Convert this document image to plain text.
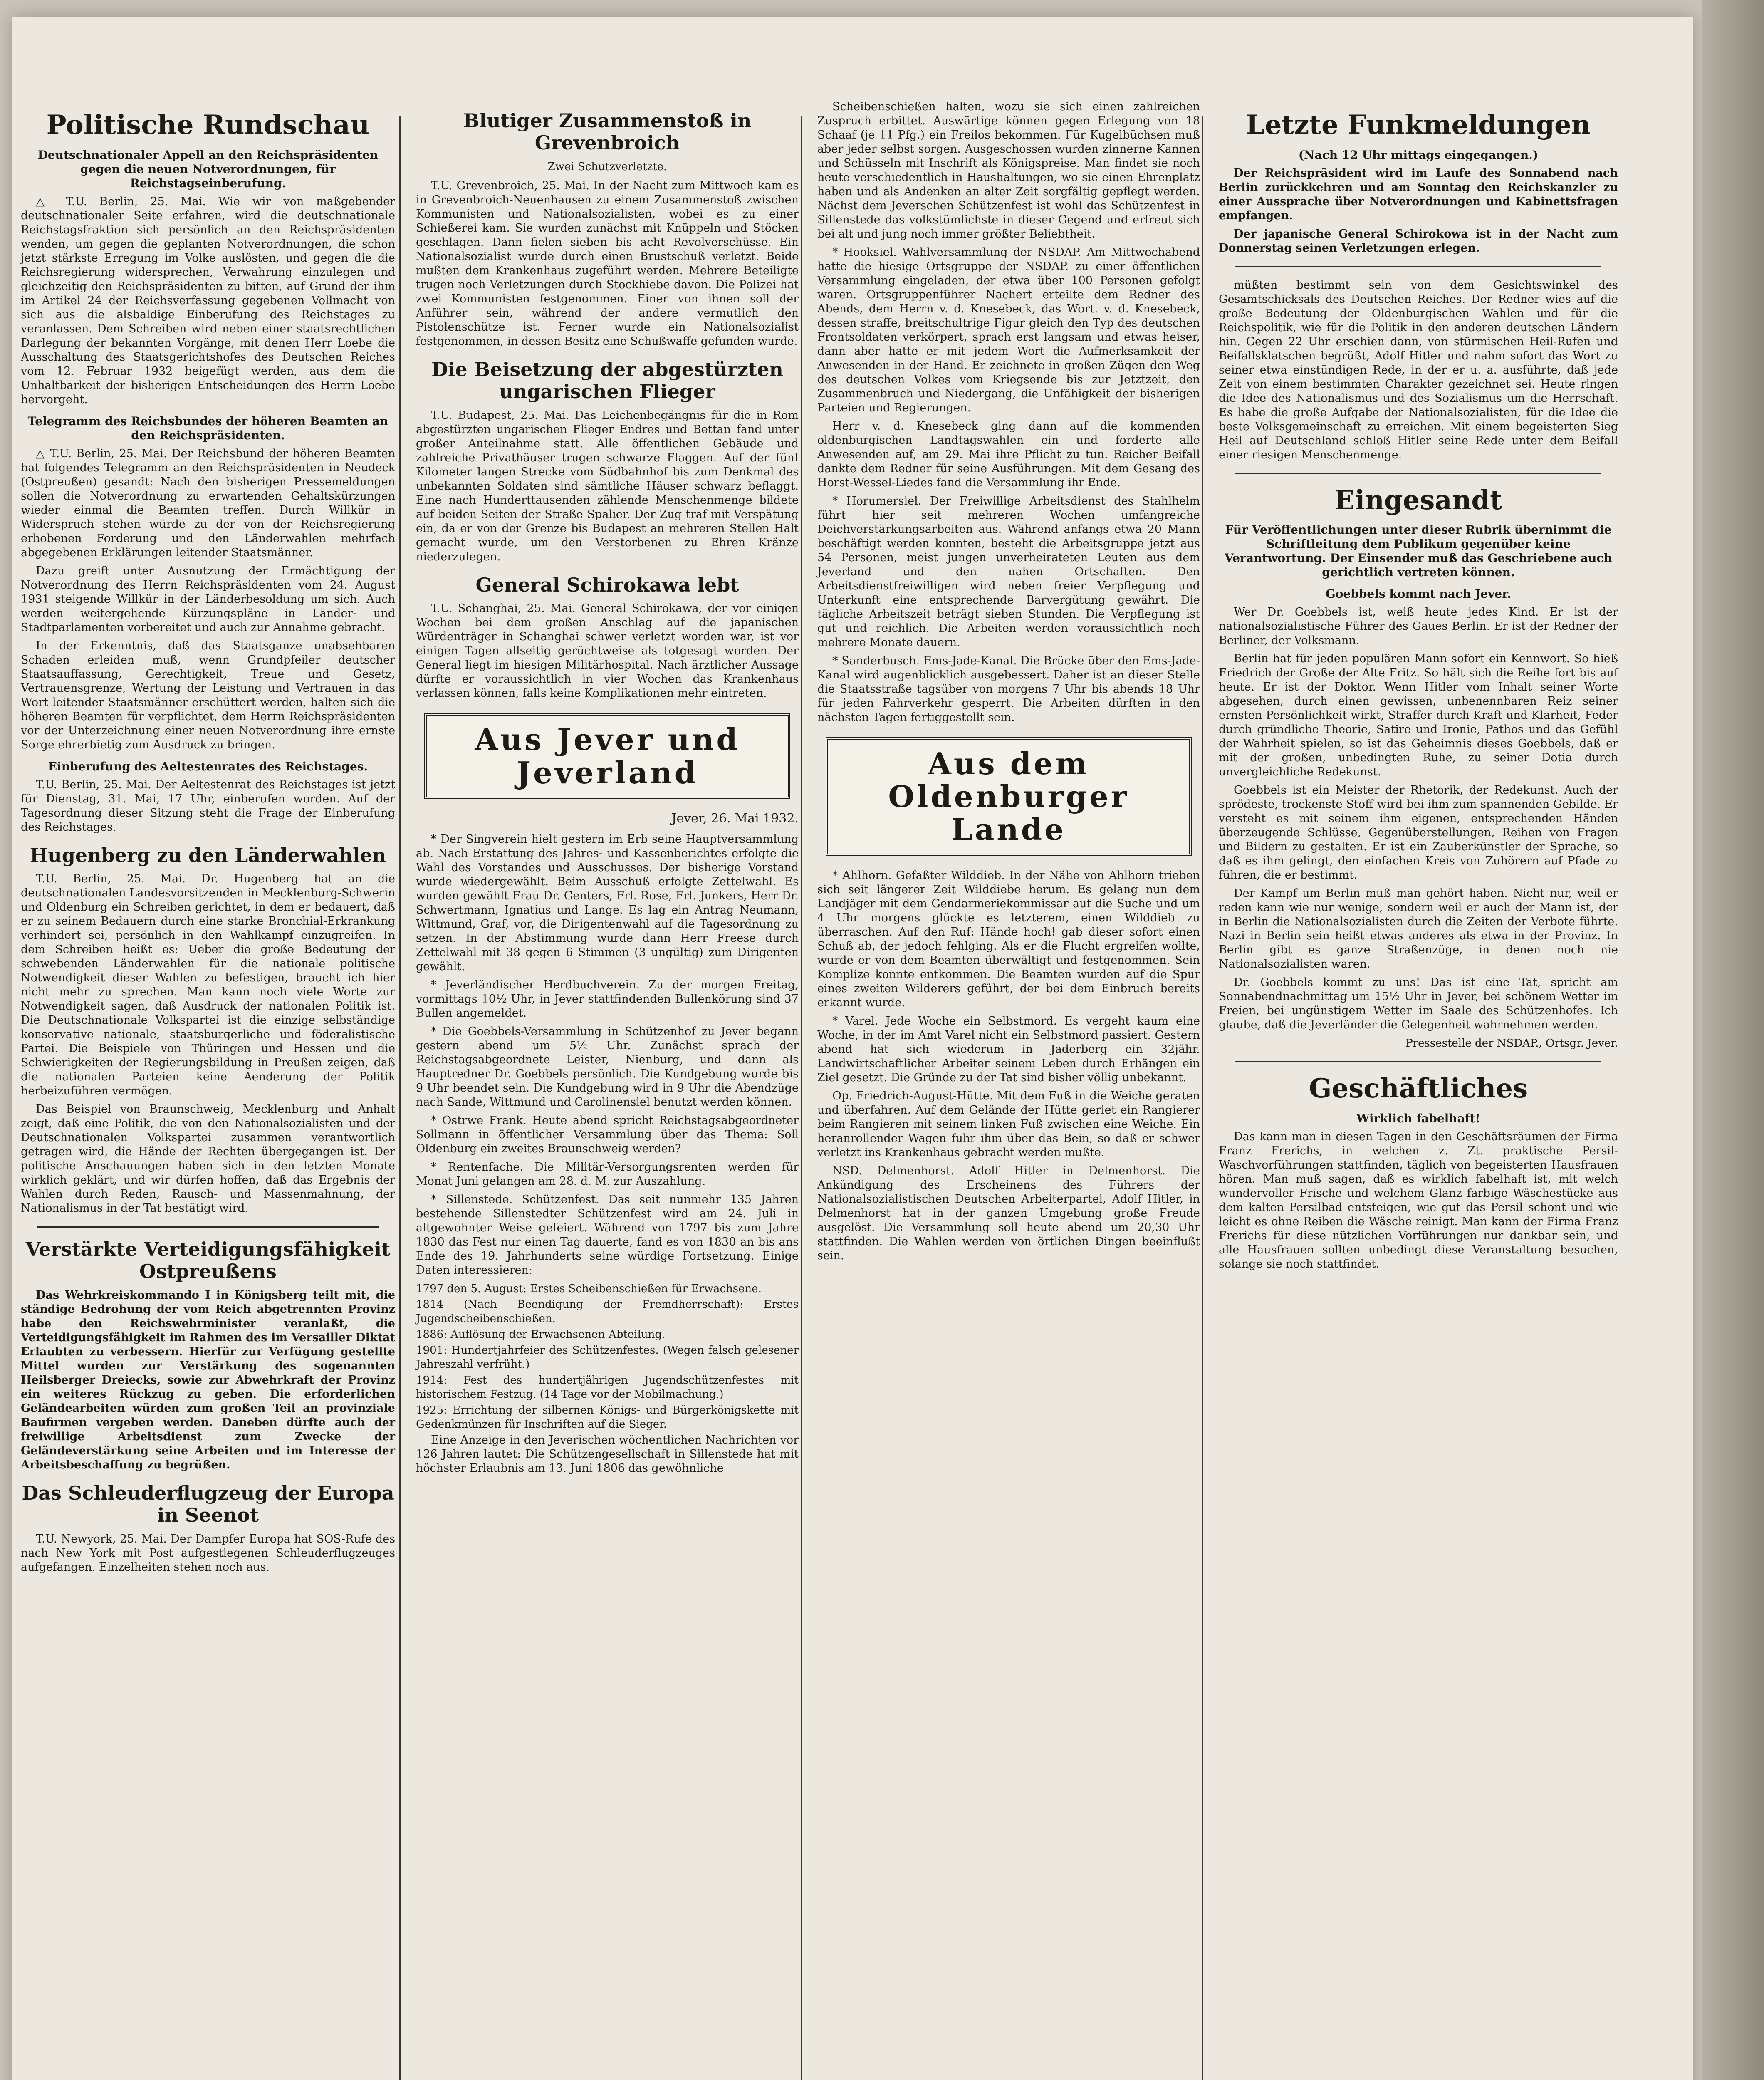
Politische Rundschau
Deutschnationaler Appell an den Reichspräsidenten gegen die neuen Notverordnungen, für Reichstagseinberufung.

△ T.U. Berlin, 25. Mai. Wie wir von maßgebender deutschnationaler Seite erfahren, wird die deutschnationale Reichstagsfraktion sich persönlich an den Reichspräsidenten wenden, um gegen die geplanten Notverordnungen, die schon jetzt stärkste Erregung im Volke auslösten, und gegen die die Reichsregierung widersprechen, Verwahrung einzulegen und gleichzeitig den Reichspräsidenten zu bitten, auf Grund der ihm im Artikel 24 der Reichsverfassung gegebenen Vollmacht von sich aus die alsbaldige Einberufung des Reichstages zu veranlassen. Dem Schreiben wird neben einer staatsrechtlichen Darlegung der bekannten Vorgänge, mit denen Herr Loebe die Ausschaltung des Staatsgerichtshofes des Deutschen Reiches vom 12. Februar 1932 beigefügt werden, aus dem die Unhaltbarkeit der bisherigen Entscheidungen des Herrn Loebe hervorgeht.

Telegramm des Reichsbundes der höheren Beamten an den Reichspräsidenten.

△ T.U. Berlin, 25. Mai. Der Reichsbund der höheren Beamten hat folgendes Telegramm an den Reichspräsidenten in Neudeck (Ostpreußen) gesandt: Nach den bisherigen Pressemeldungen sollen die Notverordnung zu erwartenden Gehaltskürzungen wieder einmal die Beamten treffen. Durch Willkür in Widerspruch stehen würde zu der von der Reichsregierung erhobenen Forderung und den Länderwahlen mehrfach abgegebenen Erklärungen leitender Staatsmänner.

Dazu greift unter Ausnutzung der Ermächtigung der Notverordnung des Herrn Reichspräsidenten vom 24. August 1931 steigende Willkür in der Länderbesoldung um sich. Auch werden weitergehende Kürzungspläne in Länder- und Stadtparlamenten vorbereitet und auch zur Annahme gebracht.

In der Erkenntnis, daß das Staatsganze unabsehbaren Schaden erleiden muß, wenn Grundpfeiler deutscher Staatsauffassung, Gerechtigkeit, Treue und Gesetz, Vertrauensgrenze, Wertung der Leistung und Vertrauen in das Wort leitender Staatsmänner erschüttert werden, halten sich die höheren Beamten für verpflichtet, dem Herrn Reichspräsidenten vor der Unterzeichnung einer neuen Notverordnung ihre ernste Sorge ehrerbietig zum Ausdruck zu bringen.

Einberufung des Aeltestenrates des Reichstages.

T.U. Berlin, 25. Mai. Der Aeltestenrat des Reichstages ist jetzt für Dienstag, 31. Mai, 17 Uhr, einberufen worden. Auf der Tagesordnung dieser Sitzung steht die Frage der Einberufung des Reichstages.

Hugenberg zu den Länderwahlen

T.U. Berlin, 25. Mai. Dr. Hugenberg hat an die deutschnationalen Landesvorsitzenden in Mecklenburg-Schwerin und Oldenburg ein Schreiben gerichtet, in dem er bedauert, daß er zu seinem Bedauern durch eine starke Bronchial-Erkrankung verhindert sei, persönlich in den Wahlkampf einzugreifen. In dem Schreiben heißt es: Ueber die große Bedeutung der schwebenden Länderwahlen für die nationale politische Notwendigkeit dieser Wahlen zu befestigen, braucht ich hier nicht mehr zu sprechen. Man kann noch viele Worte zur Notwendigkeit sagen, daß Ausdruck der nationalen Politik ist. Die Deutschnationale Volkspartei ist die einzige selbständige konservative nationale, staatsbürgerliche und föderalistische Partei. Die Beispiele von Thüringen und Hessen und die Schwierigkeiten der Regierungsbildung in Preußen zeigen, daß die nationalen Parteien keine Aenderung der Politik herbeizuführen vermögen.

Das Beispiel von Braunschweig, Mecklenburg und Anhalt zeigt, daß eine Politik, die von den Nationalsozialisten und der Deutschnationalen Volkspartei zusammen verantwortlich getragen wird, die Hände der Rechten übergegangen ist. Der politische Anschauungen haben sich in den letzten Monate wirklich geklärt, und wir dürfen hoffen, daß das Ergebnis der Wahlen durch Reden, Rausch- und Massenmahnung, der Nationalismus in der Tat bestätigt wird.

Verstärkte Verteidigungsfähigkeit Ostpreußens

Das Wehrkreiskommando I in Königsberg teilt mit, die ständige Bedrohung der vom Reich abgetrennten Provinz habe den Reichswehrminister veranlaßt, die Verteidigungsfähigkeit im Rahmen des im Versailler Diktat Erlaubten zu verbessern. Hierfür zur Verfügung gestellte Mittel wurden zur Verstärkung des sogenannten Heilsberger Dreiecks, sowie zur Abwehrkraft der Provinz ein weiteres Rückzug zu geben. Die erforderlichen Geländearbeiten würden zum großen Teil an provinziale Baufirmen vergeben werden. Daneben dürfte auch der freiwillige Arbeitsdienst zum Zwecke der Geländeverstärkung seine Arbeiten und im Interesse der Arbeitsbeschaffung zu begrüßen.

Das Schleuderflugzeug der Europa in Seenot

T.U. Newyork, 25. Mai. Der Dampfer Europa hat SOS-Rufe des nach New York mit Post aufgestiegenen Schleuderflugzeuges aufgefangen. Einzelheiten stehen noch aus.

Blutiger Zusammenstoß in Grevenbroich
Zwei Schutzverletzte.

T.U. Grevenbroich, 25. Mai. In der Nacht zum Mittwoch kam es in Grevenbroich-Neuenhausen zu einem Zusammenstoß zwischen Kommunisten und Nationalsozialisten, wobei es zu einer Schießerei kam. Sie wurden zunächst mit Knüppeln und Stöcken geschlagen. Dann fielen sieben bis acht Revolverschüsse. Ein Nationalsozialist wurde durch einen Brustschuß verletzt. Beide mußten dem Krankenhaus zugeführt werden. Mehrere Beteiligte trugen noch Verletzungen durch Stockhiebe davon. Die Polizei hat zwei Kommunisten festgenommen. Einer von ihnen soll der Anführer sein, während der andere vermutlich den Pistolenschütze ist. Ferner wurde ein Nationalsozialist festgenommen, in dessen Besitz eine Schußwaffe gefunden wurde.

Die Beisetzung der abgestürzten ungarischen Flieger

T.U. Budapest, 25. Mai. Das Leichenbegängnis für die in Rom abgestürzten ungarischen Flieger Endres und Bettan fand unter großer Anteilnahme statt. Alle öffentlichen Gebäude und zahlreiche Privathäuser trugen schwarze Flaggen. Auf der fünf Kilometer langen Strecke vom Südbahnhof bis zum Denkmal des unbekannten Soldaten sind sämtliche Häuser schwarz beflaggt. Eine nach Hunderttausenden zählende Menschenmenge bildete auf beiden Seiten der Straße Spalier. Der Zug traf mit Verspätung ein, da er von der Grenze bis Budapest an mehreren Stellen Halt gemacht wurde, um den Verstorbenen zu Ehren Kränze niederzulegen.

General Schirokawa lebt

T.U. Schanghai, 25. Mai. General Schirokawa, der vor einigen Wochen bei dem großen Anschlag auf die japanischen Würdenträger in Schanghai schwer verletzt worden war, ist vor einigen Tagen allseitig gerüchtweise als totgesagt worden. Der General liegt im hiesigen Militärhospital. Nach ärztlicher Aussage dürfte er voraussichtlich in vier Wochen das Krankenhaus verlassen können, falls keine Komplikationen mehr eintreten.

Aus Jever und Jeverland
Jever, 26. Mai 1932.

* Der Singverein hielt gestern im Erb seine Hauptversammlung ab. Nach Erstattung des Jahres- und Kassenberichtes erfolgte die Wahl des Vorstandes und Ausschusses. Der bisherige Vorstand wurde wiedergewählt. Beim Ausschuß erfolgte Zettelwahl. Es wurden gewählt Frau Dr. Genters, Frl. Rose, Frl. Junkers, Herr Dr. Schwertmann, Ignatius und Lange. Es lag ein Antrag Neumann, Wittmund, Graf, vor, die Dirigentenwahl auf die Tagesordnung zu setzen. In der Abstimmung wurde dann Herr Freese durch Zettelwahl mit 38 gegen 6 Stimmen (3 ungültig) zum Dirigenten gewählt.

* Jeverländischer Herdbuchverein. Zu der morgen Freitag, vormittags 10½ Uhr, in Jever stattfindenden Bullenkörung sind 37 Bullen angemeldet.

* Die Goebbels-Versammlung in Schützenhof zu Jever begann gestern abend um 5½ Uhr. Zunächst sprach der Reichstagsabgeordnete Leister, Nienburg, und dann als Hauptredner Dr. Goebbels persönlich. Die Kundgebung wurde bis 9 Uhr beendet sein. Die Kundgebung wird in 9 Uhr die Abendzüge nach Sande, Wittmund und Carolinensiel benutzt werden können.

* Ostrwe Frank. Heute abend spricht Reichstagsabgeordneter Sollmann in öffentlicher Versammlung über das Thema: Soll Oldenburg ein zweites Braunschweig werden?

* Rentenfache. Die Militär-Versorgungsrenten werden für Monat Juni gelangen am 28. d. M. zur Auszahlung.

* Sillenstede. Schützenfest. Das seit nunmehr 135 Jahren bestehende Sillenstedter Schützenfest wird am 24. Juli in altgewohnter Weise gefeiert. Während von 1797 bis zum Jahre 1830 das Fest nur einen Tag dauerte, fand es von 1830 an bis ans Ende des 19. Jahrhunderts seine würdige Fortsetzung. Einige Daten interessieren:

1797 den 5. August: Erstes Scheibenschießen für Erwachsene.

1814 (Nach Beendigung der Fremdherrschaft): Erstes Jugendscheibenschießen.

1886: Auflösung der Erwachsenen-Abteilung.

1901: Hundertjahrfeier des Schützenfestes. (Wegen falsch gelesener Jahreszahl verfrüht.)

1914: Fest des hundertjährigen Jugendschützenfestes mit historischem Festzug. (14 Tage vor der Mobilmachung.)

1925: Errichtung der silbernen Königs- und Bürgerkönigskette mit Gedenkmünzen für Inschriften auf die Sieger.

Eine Anzeige in den Jeverischen wöchentlichen Nachrichten vor 126 Jahren lautet: Die Schützengesellschaft in Sillenstede hat mit höchster Erlaubnis am 13. Juni 1806 das gewöhnliche

Scheibenschießen halten, wozu sie sich einen zahlreichen Zuspruch erbittet. Auswärtige können gegen Erlegung von 18 Schaaf (je 11 Pfg.) ein Freilos bekommen. Für Kugelbüchsen muß aber jeder selbst sorgen. Ausgeschossen wurden zinnerne Kannen und Schüsseln mit Inschrift als Königspreise. Man findet sie noch heute verschiedentlich in Haushaltungen, wo sie einen Ehrenplatz haben und als Andenken an alter Zeit sorgfältig gepflegt werden. Nächst dem Jeverschen Schützenfest ist wohl das Schützenfest in Sillenstede das volkstümlichste in dieser Gegend und erfreut sich bei alt und jung noch immer größter Beliebtheit.

* Hooksiel. Wahlversammlung der NSDAP. Am Mittwochabend hatte die hiesige Ortsgruppe der NSDAP. zu einer öffentlichen Versammlung eingeladen, der etwa über 100 Personen gefolgt waren. Ortsgruppenführer Nachert erteilte dem Redner des Abends, dem Herrn v. d. Knesebeck, das Wort. v. d. Knesebeck, dessen straffe, breitschultrige Figur gleich den Typ des deutschen Frontsoldaten verkörpert, sprach erst langsam und etwas heiser, dann aber hatte er mit jedem Wort die Aufmerksamkeit der Anwesenden in der Hand. Er zeichnete in großen Zügen den Weg des deutschen Volkes vom Kriegsende bis zur Jetztzeit, den Zusammenbruch und Niedergang, die Unfähigkeit der bisherigen Parteien und Regierungen.

Herr v. d. Knesebeck ging dann auf die kommenden oldenburgischen Landtagswahlen ein und forderte alle Anwesenden auf, am 29. Mai ihre Pflicht zu tun. Reicher Beifall dankte dem Redner für seine Ausführungen. Mit dem Gesang des Horst-Wessel-Liedes fand die Versammlung ihr Ende.

* Horumersiel. Der Freiwillige Arbeitsdienst des Stahlhelm führt hier seit mehreren Wochen umfangreiche Deichverstärkungsarbeiten aus. Während anfangs etwa 20 Mann beschäftigt werden konnten, besteht die Arbeitsgruppe jetzt aus 54 Personen, meist jungen unverheirateten Leuten aus dem Jeverland und den nahen Ortschaften. Den Arbeitsdienstfreiwilligen wird neben freier Verpflegung und Unterkunft eine entsprechende Barvergütung gewährt. Die tägliche Arbeitszeit beträgt sieben Stunden. Die Verpflegung ist gut und reichlich. Die Arbeiten werden voraussichtlich noch mehrere Monate dauern.

* Sanderbusch. Ems-Jade-Kanal. Die Brücke über den Ems-Jade-Kanal wird augenblicklich ausgebessert. Daher ist an dieser Stelle die Staatsstraße tagsüber von morgens 7 Uhr bis abends 18 Uhr für jeden Fahrverkehr gesperrt. Die Arbeiten dürften in den nächsten Tagen fertiggestellt sein.

Aus dem Oldenburger Lande

* Ahlhorn. Gefaßter Wilddieb. In der Nähe von Ahlhorn trieben sich seit längerer Zeit Wilddiebe herum. Es gelang nun dem Landjäger mit dem Gendarmeriekommissar auf die Suche und um 4 Uhr morgens glückte es letzterem, einen Wilddieb zu überraschen. Auf den Ruf: Hände hoch! gab dieser sofort einen Schuß ab, der jedoch fehlging. Als er die Flucht ergreifen wollte, wurde er von dem Beamten überwältigt und festgenommen. Sein Komplize konnte entkommen. Die Beamten wurden auf die Spur eines zweiten Wilderers geführt, der bei dem Einbruch bereits erkannt wurde.

* Varel. Jede Woche ein Selbstmord. Es vergeht kaum eine Woche, in der im Amt Varel nicht ein Selbstmord passiert. Gestern abend hat sich wiederum in Jaderberg ein 32jähr. Landwirtschaftlicher Arbeiter seinem Leben durch Erhängen ein Ziel gesetzt. Die Gründe zu der Tat sind bisher völlig unbekannt.

Op. Friedrich-August-Hütte. Mit dem Fuß in die Weiche geraten und überfahren. Auf dem Gelände der Hütte geriet ein Rangierer beim Rangieren mit seinem linken Fuß zwischen eine Weiche. Ein heranrollender Wagen fuhr ihm über das Bein, so daß er schwer verletzt ins Krankenhaus gebracht werden mußte.

NSD. Delmenhorst. Adolf Hitler in Delmenhorst. Die Ankündigung des Erscheinens des Führers der Nationalsozialistischen Deutschen Arbeiterpartei, Adolf Hitler, in Delmenhorst hat in der ganzen Umgebung große Freude ausgelöst. Die Versammlung soll heute abend um 20,30 Uhr stattfinden. Die Wahlen werden von örtlichen Dingen beeinflußt sein.

Letzte Funkmeldungen
(Nach 12 Uhr mittags eingegangen.)

Der Reichspräsident wird im Laufe des Sonnabend nach Berlin zurückkehren und am Sonntag den Reichskanzler zu einer Aussprache über Notverordnungen und Kabinettsfragen empfangen.

Der japanische General Schirokowa ist in der Nacht zum Donnerstag seinen Verletzungen erlegen.

müßten bestimmt sein von dem Gesichtswinkel des Gesamtschicksals des Deutschen Reiches. Der Redner wies auf die große Bedeutung der Oldenburgischen Wahlen und für die Reichspolitik, wie für die Politik in den anderen deutschen Ländern hin. Gegen 22 Uhr erschien dann, von stürmischen Heil-Rufen und Beifallsklatschen begrüßt, Adolf Hitler und nahm sofort das Wort zu seiner etwa einstündigen Rede, in der er u. a. ausführte, daß jede Zeit von einem bestimmten Charakter gezeichnet sei. Heute ringen die Idee des Nationalismus und des Sozialismus um die Herrschaft. Es habe die große Aufgabe der Nationalsozialisten, für die Idee die beste Volksgemeinschaft zu erreichen. Mit einem begeisterten Sieg Heil auf Deutschland schloß Hitler seine Rede unter dem Beifall einer riesigen Menschenmenge.

Eingesandt
Für Veröffentlichungen unter dieser Rubrik übernimmt die Schriftleitung dem Publikum gegenüber keine Verantwortung. Der Einsender muß das Geschriebene auch gerichtlich vertreten können.
Goebbels kommt nach Jever.

Wer Dr. Goebbels ist, weiß heute jedes Kind. Er ist der nationalsozialistische Führer des Gaues Berlin. Er ist der Redner der Berliner, der Volksmann.

Berlin hat für jeden populären Mann sofort ein Kennwort. So hieß Friedrich der Große der Alte Fritz. So hält sich die Reihe fort bis auf heute. Er ist der Doktor. Wenn Hitler vom Inhalt seiner Worte abgesehen, durch einen gewissen, unbenennbaren Reiz seiner ernsten Persönlichkeit wirkt, Straffer durch Kraft und Klarheit, Feder durch gründliche Theorie, Satire und Ironie, Pathos und das Gefühl der Wahrheit spielen, so ist das Geheimnis dieses Goebbels, daß er mit der großen, unbedingten Ruhe, zu seiner Dotia durch unvergleichliche Redekunst.

Goebbels ist ein Meister der Rhetorik, der Redekunst. Auch der sprödeste, trockenste Stoff wird bei ihm zum spannenden Gebilde. Er versteht es mit seinem ihm eigenen, entsprechenden Händen überzeugende Schlüsse, Gegenüberstellungen, Reihen von Fragen und Bildern zu gestalten. Er ist ein Zauberkünstler der Sprache, so daß es ihm gelingt, den einfachen Kreis von Zuhörern auf Pfade zu führen, die er bestimmt.

Der Kampf um Berlin muß man gehört haben. Nicht nur, weil er reden kann wie nur wenige, sondern weil er auch der Mann ist, der in Berlin die Nationalsozialisten durch die Zeiten der Verbote führte. Nazi in Berlin sein heißt etwas anderes als etwa in der Provinz. In Berlin gibt es ganze Straßenzüge, in denen noch nie Nationalsozialisten waren.

Dr. Goebbels kommt zu uns! Das ist eine Tat, spricht am Sonnabendnachmittag um 15½ Uhr in Jever, bei schönem Wetter im Freien, bei ungünstigem Wetter im Saale des Schützenhofes. Ich glaube, daß die Jeverländer die Gelegenheit wahrnehmen werden.

Pressestelle der NSDAP., Ortsgr. Jever.
Geschäftliches
Wirklich fabelhaft!

Das kann man in diesen Tagen in den Geschäftsräumen der Firma Franz Frerichs, in welchen z. Zt. praktische Persil-Waschvorführungen stattfinden, täglich von begeisterten Hausfrauen hören. Man muß sagen, daß es wirklich fabelhaft ist, mit welch wundervoller Frische und welchem Glanz farbige Wäschestücke aus dem kalten Persilbad entsteigen, wie gut das Persil schont und wie leicht es ohne Reiben die Wäsche reinigt. Man kann der Firma Franz Frerichs für diese nützlichen Vorführungen nur dankbar sein, und alle Hausfrauen sollten unbedingt diese Veranstaltung besuchen, solange sie noch stattfindet.
